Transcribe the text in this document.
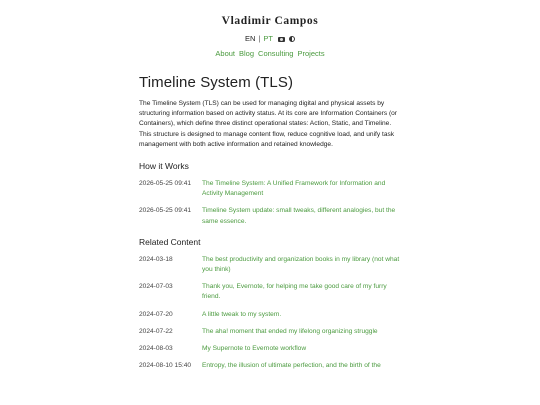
Vladimir Campos
EN | PT
About Blog Consulting Projects
Timeline System (TLS)

The Timeline System (TLS) can be used for managing digital and physical assets by structuring information based on activity status. At its core are Information Containers (or Containers), which define three distinct operational states: Action, Static, and Timeline. This structure is designed to manage content flow, reduce cognitive load, and unify task management with both active information and retained knowledge.

How it Works
2026-05-25 09:41	The Timeline System: A Unified Framework for Information and Activity Management
2026-05-25 09:41	Timeline System update: small tweaks, different analogies, but the same essence.
Related Content
2024-03-18	The best productivity and organization books in my library (not what you think)
2024-07-03	Thank you, Evernote, for helping me take good care of my furry friend.
2024-07-20	A little tweak to my system.
2024-07-22	The aha! moment that ended my lifelong organizing struggle
2024-08-03	My Supernote to Evernote workflow
2024-08-10 15:40	Entropy, the illusion of ultimate perfection, and the birth of the
